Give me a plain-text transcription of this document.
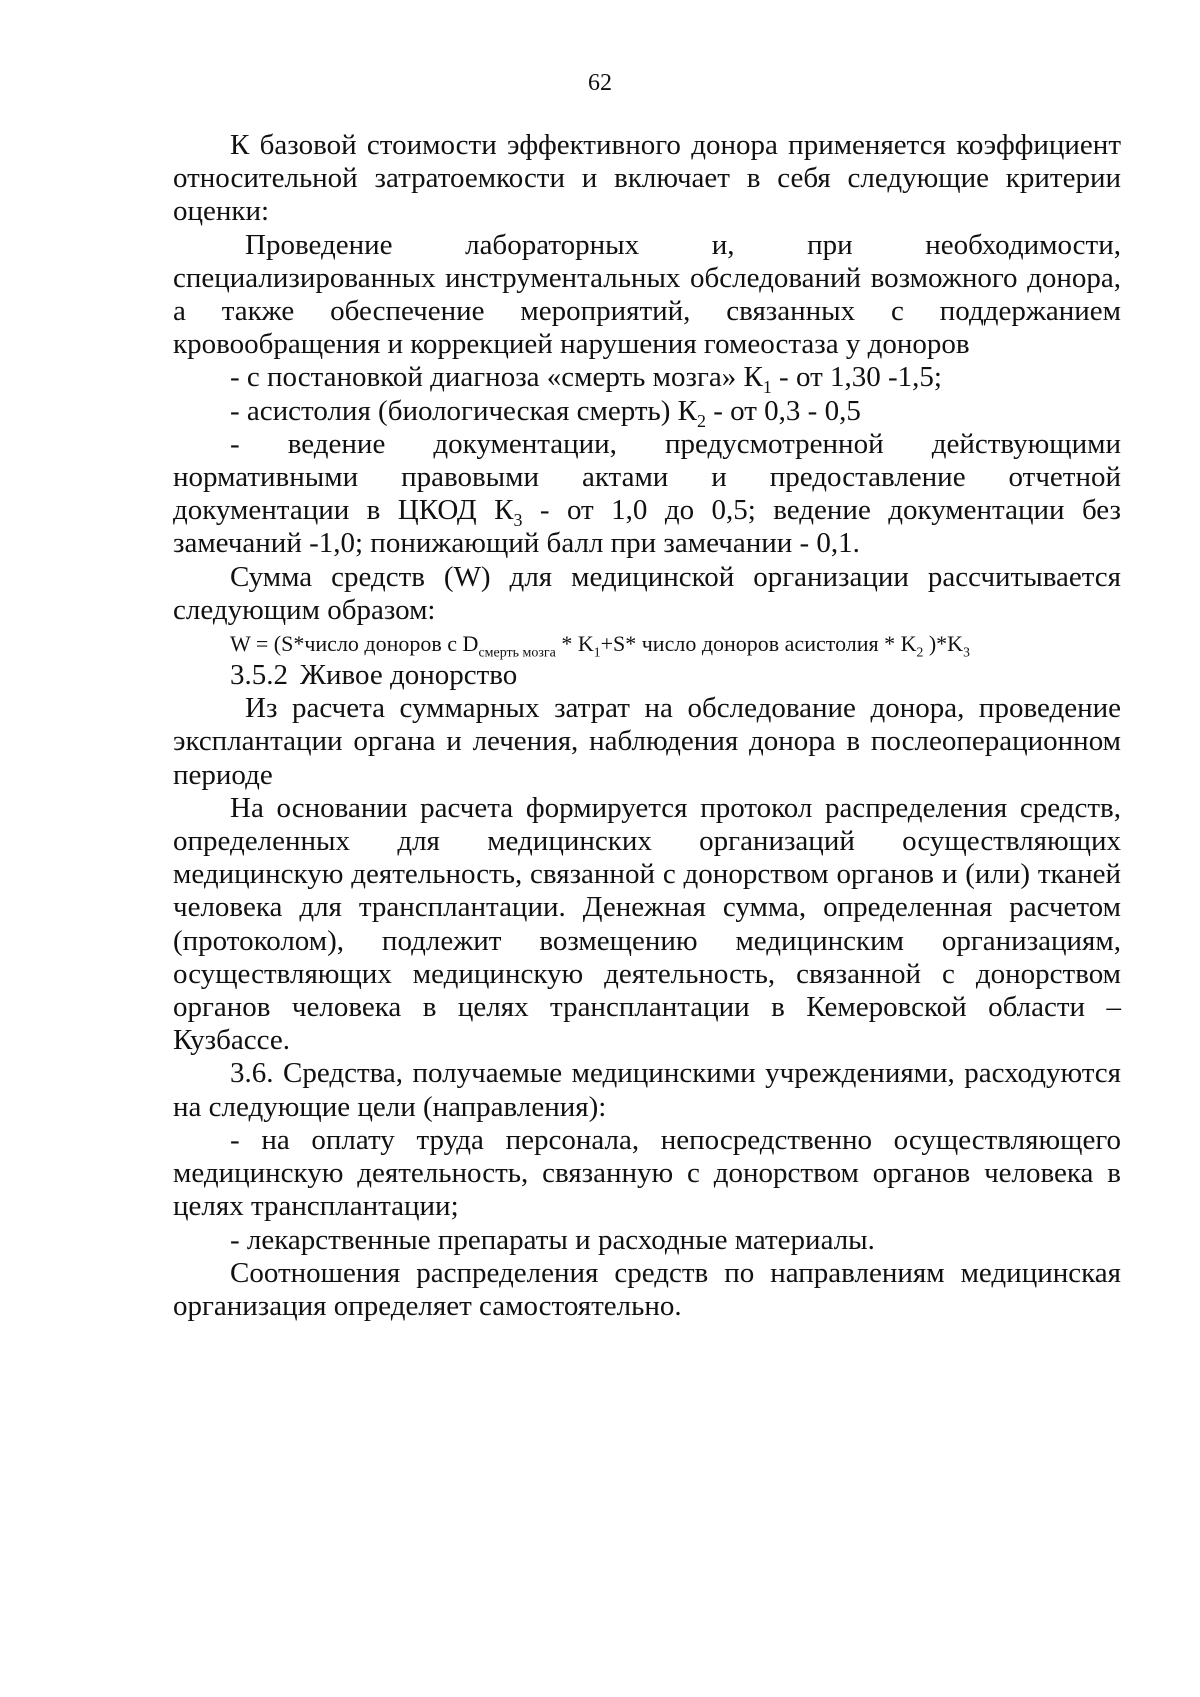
62

К базовой стоимости эффективного донора применяется коэффициент относительной затратоемкости и включает в себя следующие критерии оценки:

Проведение лабораторных и, при необходимости, специализированных инструментальных обследований возможного донора, а также обеспечение мероприятий, связанных с поддержанием кровообращения и коррекцией нарушения гомеостаза у доноров

- с постановкой диагноза «смерть мозга» $К_1$ - от 1,30 -1,5;

- асистолия (биологическая смерть) $К_2$ - от 0,3 - 0,5

- ведение документации, предусмотренной действующими нормативными правовыми актами и предоставление отчетной документации в ЦКОД $К_3$ - от 1,0 до 0,5; ведение документации без замечаний -1,0; понижающий балл при замечании - 0,1.

Сумма средств (W) для медицинской организации рассчитывается следующим образом:

W = (S*число доноров с $D_{смерть мозга} * K_1+S*$ число доноров асистолия * $K_2$ )$*K_3$

3.5.2 Живое донорство

Из расчета суммарных затрат на обследование донора, проведение эксплантации органа и лечения, наблюдения донора в послеоперационном периоде

На основании расчета формируется протокол распределения средств, определенных для медицинских организаций осуществляющих медицинскую деятельность, связанной с донорством органов и (или) тканей человека для трансплантации. Денежная сумма, определенная расчетом (протоколом), подлежит возмещению медицинским организациям, осуществляющих медицинскую деятельность, связанной с донорством органов человека в целях трансплантации в Кемеровской области – Кузбассе.

3.6. Средства, получаемые медицинскими учреждениями, расходуются на следующие цели (направления):

- на оплату труда персонала, непосредственно осуществляющего медицинскую деятельность, связанную с донорством органов человека в целях трансплантации;

- лекарственные препараты и расходные материалы.

Соотношения распределения средств по направлениям медицинская организация определяет самостоятельно.
